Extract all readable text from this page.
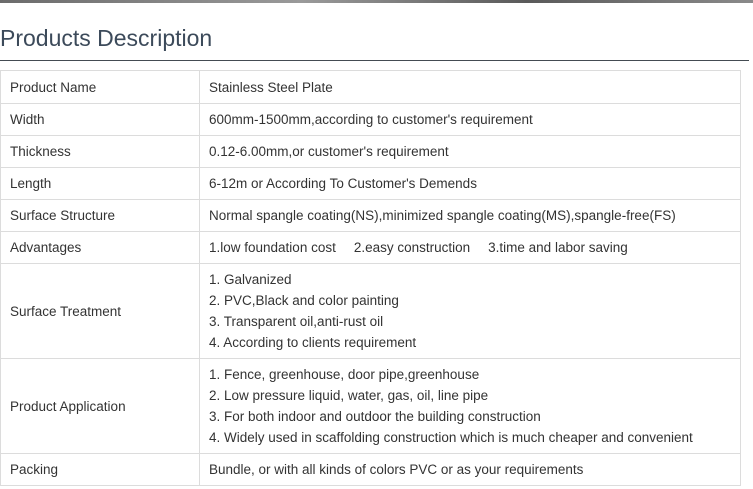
Products Description
Product Name	Stainless Steel Plate

Width	600mm-1500mm,according to customer's requirement

Thickness	0.12-6.00mm,or customer's requirement

Length	6-12m or According To Customer's Demends

Surface Structure	Normal spangle coating(NS),minimized spangle coating(MS),spangle-free(FS)

Advantages	1.low foundation cost 2.easy construction 3.time and labor saving
Surface Treatment	1. Galvanized
2. PVC,Black and color painting
3. Transparent oil,anti-rust oil
4. According to clients requirement

Product Application	1. Fence, greenhouse, door pipe,greenhouse
2. Low pressure liquid, water, gas, oil, line pipe
3. For both indoor and outdoor the building construction
4. Widely used in scaffolding construction which is much cheaper and convenient

Packing	Bundle, or with all kinds of colors PVC or as your requirements
